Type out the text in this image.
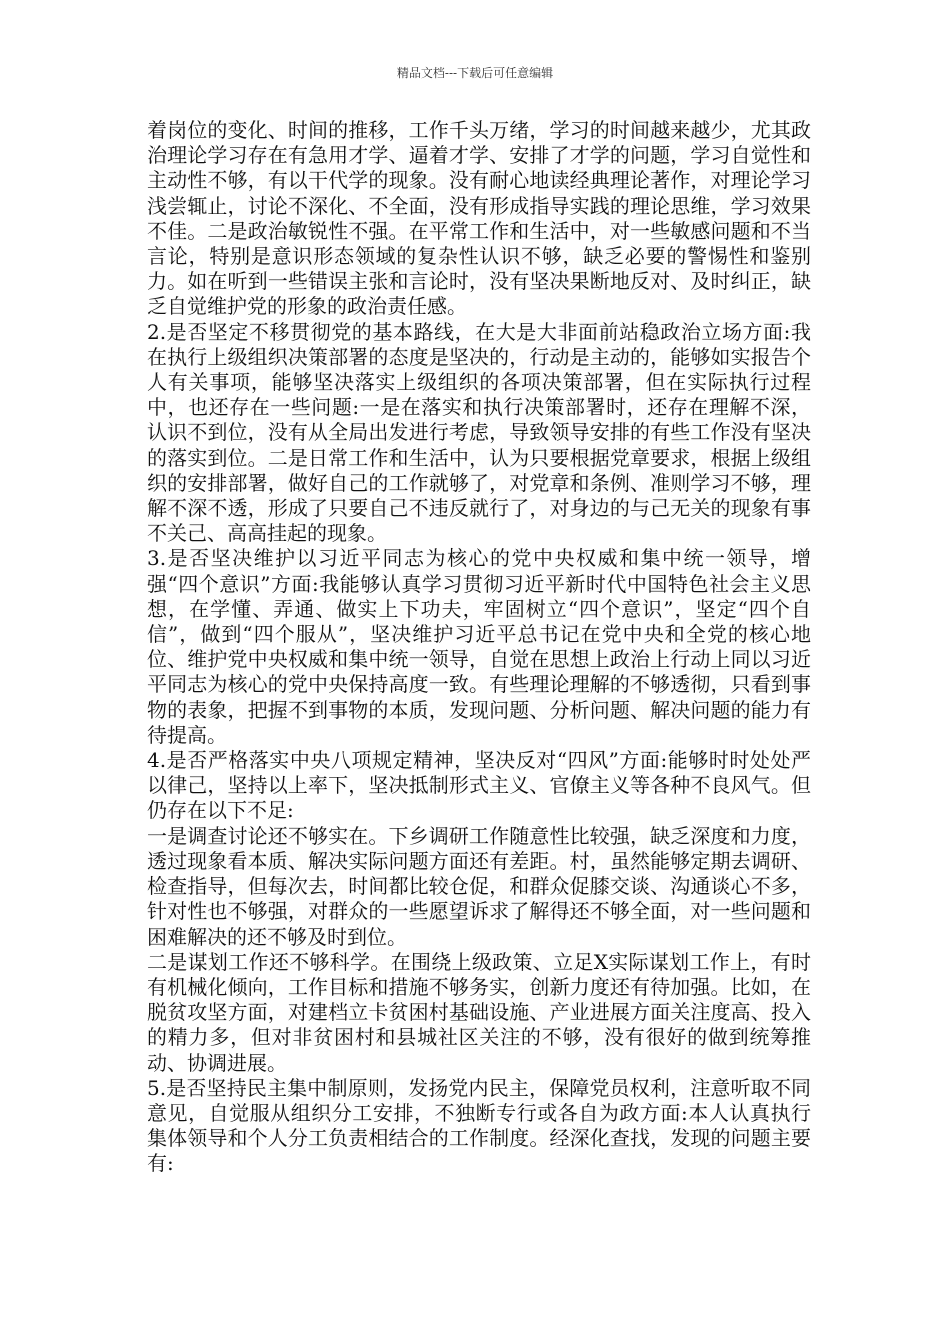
精品文档---下载后可任意编辑

着岗位的变化、时间的推移，工作千头万绪，学习的时间越来越少，尤其政治理论学习存在有急用才学、逼着才学、安排了才学的问题，学习自觉性和主动性不够，有以干代学的现象。没有耐心地读经典理论著作，对理论学习浅尝辄止，讨论不深化、不全面，没有形成指导实践的理论思维，学习效果不佳。二是政治敏锐性不强。在平常工作和生活中，对一些敏感问题和不当言论，特别是意识形态领域的复杂性认识不够，缺乏必要的警惕性和鉴别力。如在听到一些错误主张和言论时，没有坚决果断地反对、及时纠正，缺乏自觉维护党的形象的政治责任感。

2.是否坚定不移贯彻党的基本路线，在大是大非面前站稳政治立场方面:我在执行上级组织决策部署的态度是坚决的，行动是主动的，能够如实报告个人有关事项，能够坚决落实上级组织的各项决策部署，但在实际执行过程中，也还存在一些问题:一是在落实和执行决策部署时，还存在理解不深，认识不到位，没有从全局出发进行考虑，导致领导安排的有些工作没有坚决的落实到位。二是日常工作和生活中，认为只要根据党章要求，根据上级组织的安排部署，做好自己的工作就够了，对党章和条例、准则学习不够，理解不深不透，形成了只要自己不违反就行了，对身边的与己无关的现象有事不关己、高高挂起的现象。

3.是否坚决维护以习近平同志为核心的党中央权威和集中统一领导，增强“四个意识”方面:我能够认真学习贯彻习近平新时代中国特色社会主义思想，在学懂、弄通、做实上下功夫，牢固树立“四个意识”，坚定“四个自信”，做到“四个服从”，坚决维护习近平总书记在党中央和全党的核心地位、维护党中央权威和集中统一领导，自觉在思想上政治上行动上同以习近平同志为核心的党中央保持高度一致。有些理论理解的不够透彻，只看到事物的表象，把握不到事物的本质，发现问题、分析问题、解决问题的能力有待提高。

4.是否严格落实中央八项规定精神，坚决反对“四风”方面:能够时时处处严以律己，坚持以上率下，坚决抵制形式主义、官僚主义等各种不良风气。但仍存在以下不足:

一是调查讨论还不够实在。下乡调研工作随意性比较强，缺乏深度和力度，透过现象看本质、解决实际问题方面还有差距。村，虽然能够定期去调研、检查指导，但每次去，时间都比较仓促，和群众促膝交谈、沟通谈心不多，针对性也不够强，对群众的一些愿望诉求了解得还不够全面，对一些问题和困难解决的还不够及时到位。

二是谋划工作还不够科学。在围绕上级政策、立足X实际谋划工作上，有时有机械化倾向，工作目标和措施不够务实，创新力度还有待加强。比如，在脱贫攻坚方面，对建档立卡贫困村基础设施、产业进展方面关注度高、投入的精力多，但对非贫困村和县城社区关注的不够，没有很好的做到统筹推动、协调进展。

5.是否坚持民主集中制原则，发扬党内民主，保障党员权利，注意听取不同意见，自觉服从组织分工安排，不独断专行或各自为政方面:本人认真执行集体领导和个人分工负责相结合的工作制度。经深化查找，发现的问题主要有:
